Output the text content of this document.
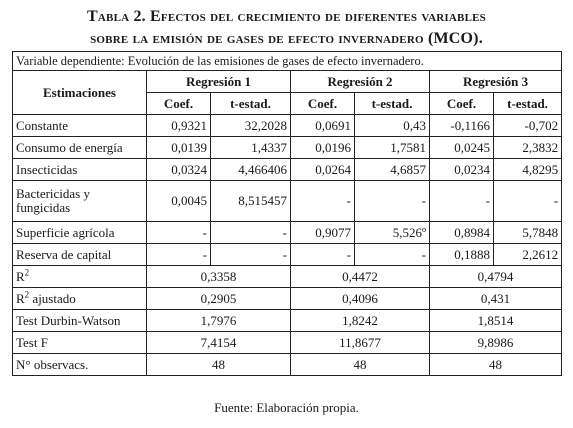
Tabla 2. Efectos del crecimiento de diferentes variables
sobre la emisión de gases de efecto invernadero (MCO).
Variable dependiente: Evolución de las emisiones de gases de efecto invernadero.						
Estimaciones	Regresión 1		Regresión 2		Regresión 3	
	Coef.	t-estad.	Coef.	t-estad.	Coef.	t-estad.
Constante	0,9321	32,2028	0,0691	0,43	-0,1166	-0,702
Consumo de energía	0,0139	1,4337	0,0196	1,7581	0,0245	2,3832
Insecticidas	0,0324	4,466406	0,0264	4,6857	0,0234	4,8295
Bactericidas y fungicidas	0,0045	8,515457	-	-	-	-
Superficie agrícola	-	-	0,9077	5,526º	0,8984	5,7848
Reserva de capital	-	-	-	-	0,1888	2,2612
$R^2$	0,3358		0,4472		0,4794	
$R^2$ ajustado	0,2905		0,4096		0,431	
Test Durbin-Watson	1,7976		1,8242		1,8514	
Test F	7,4154		11,8677		9,8986	
N° observacs.	48		48		48	
Fuente: Elaboración propia.
